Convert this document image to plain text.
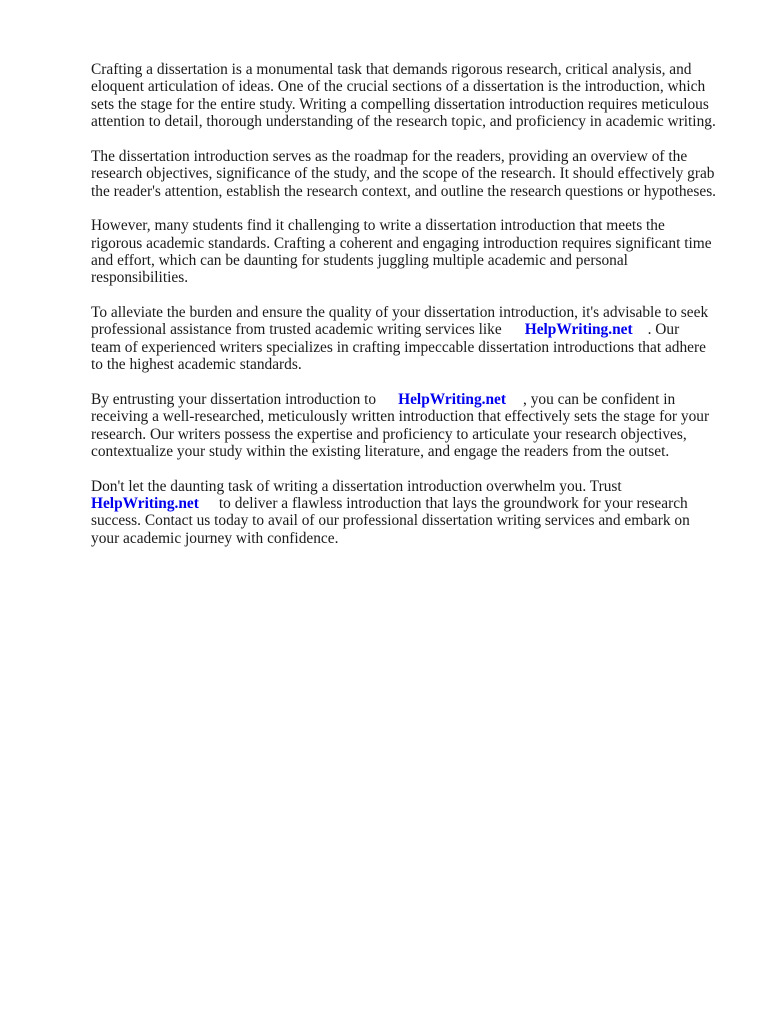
Crafting a dissertation is a monumental task that demands rigorous research, critical analysis, and
eloquent articulation of ideas. One of the crucial sections of a dissertation is the introduction, which
sets the stage for the entire study. Writing a compelling dissertation introduction requires meticulous
attention to detail, thorough understanding of the research topic, and proficiency in academic writing.

The dissertation introduction serves as the roadmap for the readers, providing an overview of the
research objectives, significance of the study, and the scope of the research. It should effectively grab
the reader's attention, establish the research context, and outline the research questions or hypotheses.

However, many students find it challenging to write a dissertation introduction that meets the
rigorous academic standards. Crafting a coherent and engaging introduction requires significant time
and effort, which can be daunting for students juggling multiple academic and personal
responsibilities.

To alleviate the burden and ensure the quality of your dissertation introduction, it's advisable to seek
professional assistance from trusted academic writing services like HelpWriting.net . Our
team of experienced writers specializes in crafting impeccable dissertation introductions that adhere
to the highest academic standards.

By entrusting your dissertation introduction to HelpWriting.net , you can be confident in
receiving a well-researched, meticulously written introduction that effectively sets the stage for your
research. Our writers possess the expertise and proficiency to articulate your research objectives,
contextualize your study within the existing literature, and engage the readers from the outset.

Don't let the daunting task of writing a dissertation introduction overwhelm you. Trust
HelpWriting.net to deliver a flawless introduction that lays the groundwork for your research
success. Contact us today to avail of our professional dissertation writing services and embark on
your academic journey with confidence.
